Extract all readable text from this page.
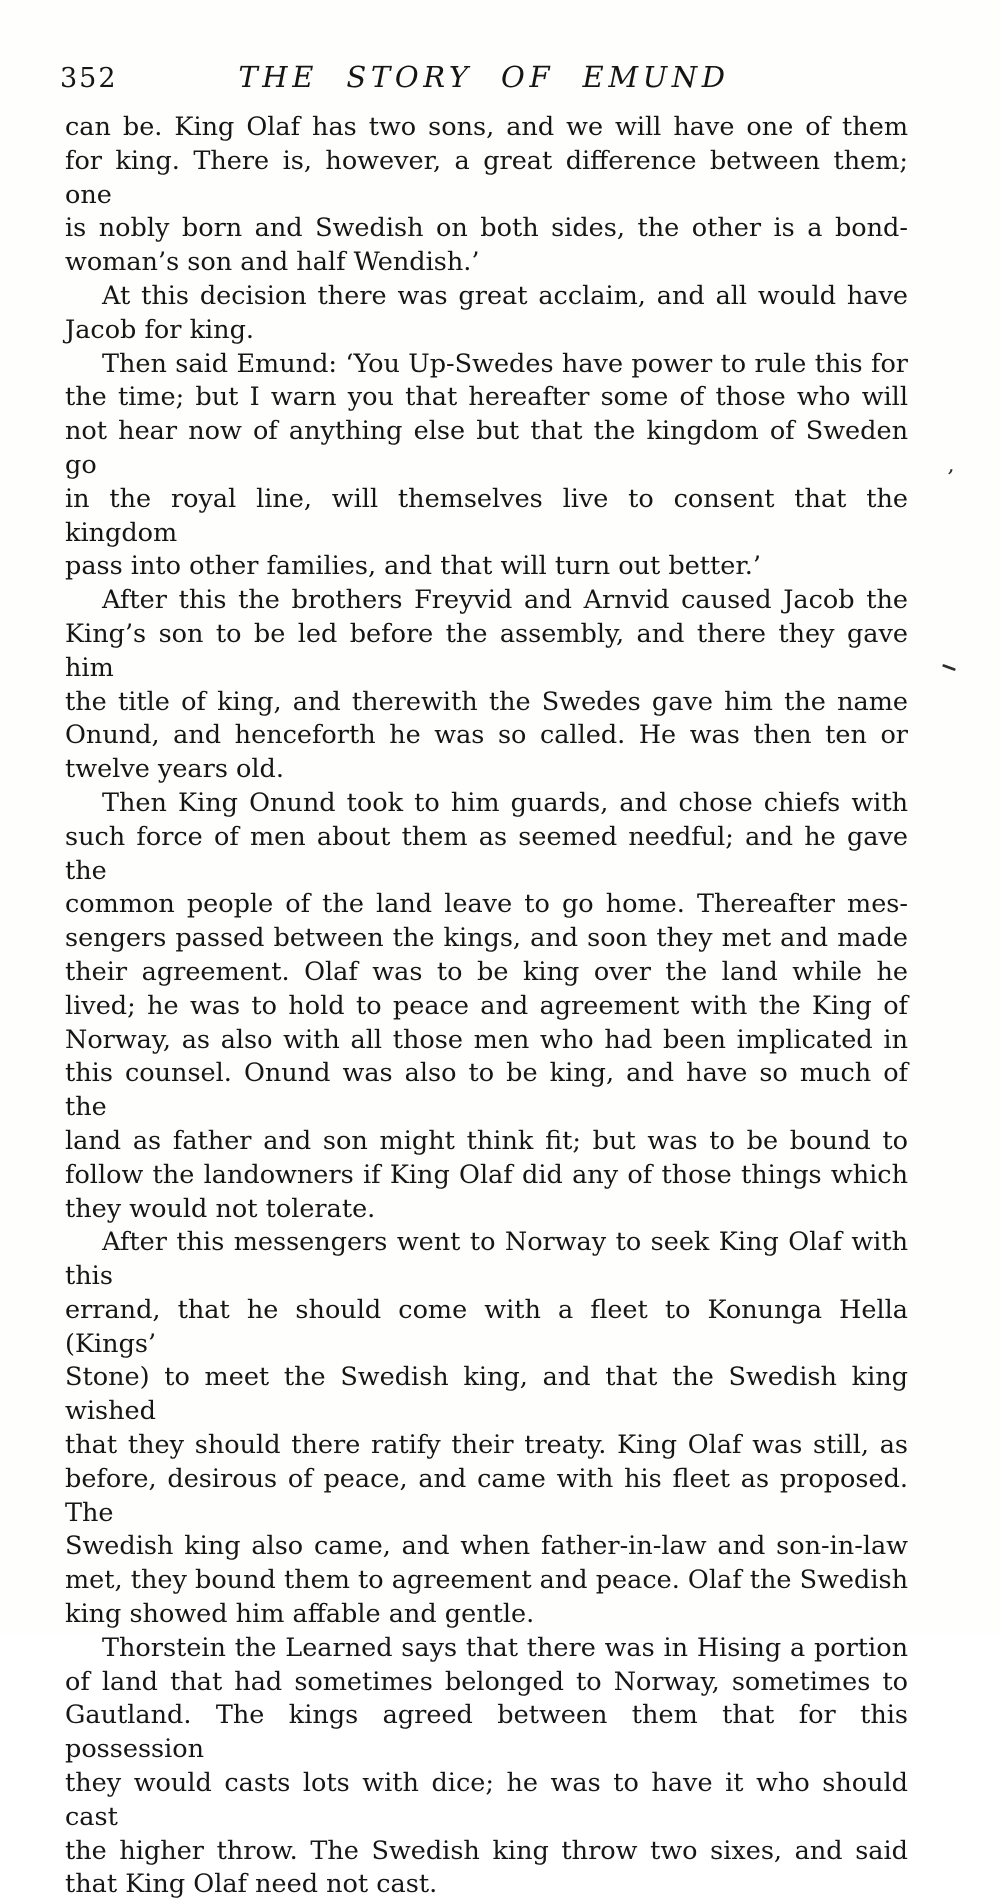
352	THE STORY OF EMUND
can be. King Olaf has two sons, and we will have one of them
for king. There is, however, a great difference between them; one
is nobly born and Swedish on both sides, the other is a bond-
woman’s son and half Wendish.’
At this decision there was great acclaim, and all would have
Jacob for king.
Then said Emund: ‘You Up-Swedes have power to rule this for
the time; but I warn you that hereafter some of those who will
not hear now of anything else but that the kingdom of Sweden go
in the royal line, will themselves live to consent that the kingdom
pass into other families, and that will turn out better.’
After this the brothers Freyvid and Arnvid caused Jacob the
King’s son to be led before the assembly, and there they gave him
the title of king, and therewith the Swedes gave him the name
Onund, and henceforth he was so called. He was then ten or
twelve years old.
Then King Onund took to him guards, and chose chiefs with
such force of men about them as seemed needful; and he gave the
common people of the land leave to go home. Thereafter mes-
sengers passed between the kings, and soon they met and made
their agreement. Olaf was to be king over the land while he
lived; he was to hold to peace and agreement with the King of
Norway, as also with all those men who had been implicated in
this counsel. Onund was also to be king, and have so much of the
land as father and son might think fit; but was to be bound to
follow the landowners if King Olaf did any of those things which
they would not tolerate.
After this messengers went to Norway to seek King Olaf with this
errand, that he should come with a fleet to Konunga Hella (Kings’
Stone) to meet the Swedish king, and that the Swedish king wished
that they should there ratify their treaty. King Olaf was still, as
before, desirous of peace, and came with his fleet as proposed. The
Swedish king also came, and when father-in-law and son-in-law
met, they bound them to agreement and peace. Olaf the Swedish
king showed him affable and gentle.
Thorstein the Learned says that there was in Hising a portion
of land that had sometimes belonged to Norway, sometimes to
Gautland. The kings agreed between them that for this possession
they would casts lots with dice; he was to have it who should cast
the higher throw. The Swedish king throw two sixes, and said
that King Olaf need not cast.
’
